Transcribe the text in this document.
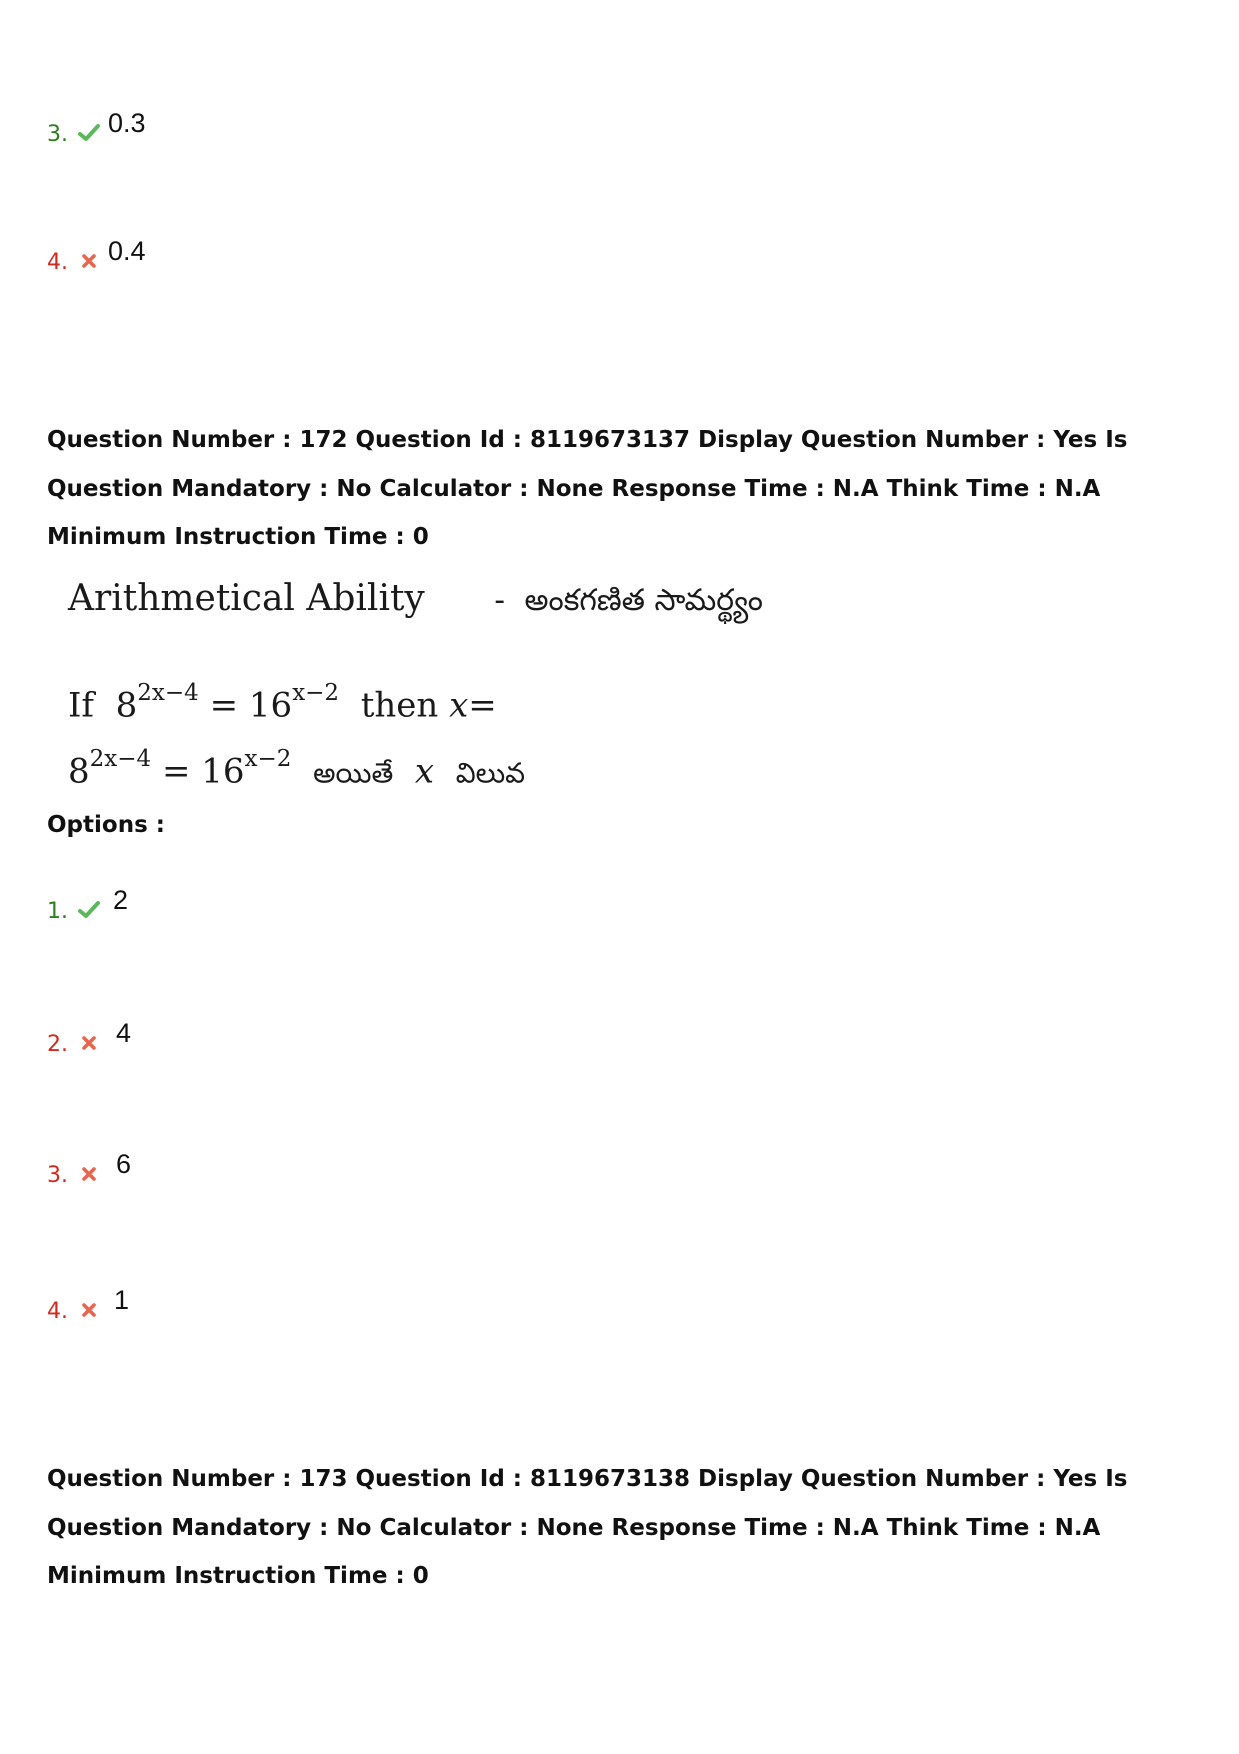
3. 0.3
4. 0.4
Question Number : 172 Question Id : 8119673137 Display Question Number : Yes Is Question Mandatory : No Calculator : None Response Time : N.A Think Time : N.A Minimum Instruction Time : 0
Arithmetical Ability - అంకగణిత సామర్థ్యం
If $8^{2x-4} = 16^{x-2}$ then x=
$8^{2x-4} = 16^{x-2}$ అయితే x విలువ
Options :
1. 2
2. 4
3. 6
4. 1
Question Number : 173 Question Id : 8119673138 Display Question Number : Yes Is Question Mandatory : No Calculator : None Response Time : N.A Think Time : N.A Minimum Instruction Time : 0
